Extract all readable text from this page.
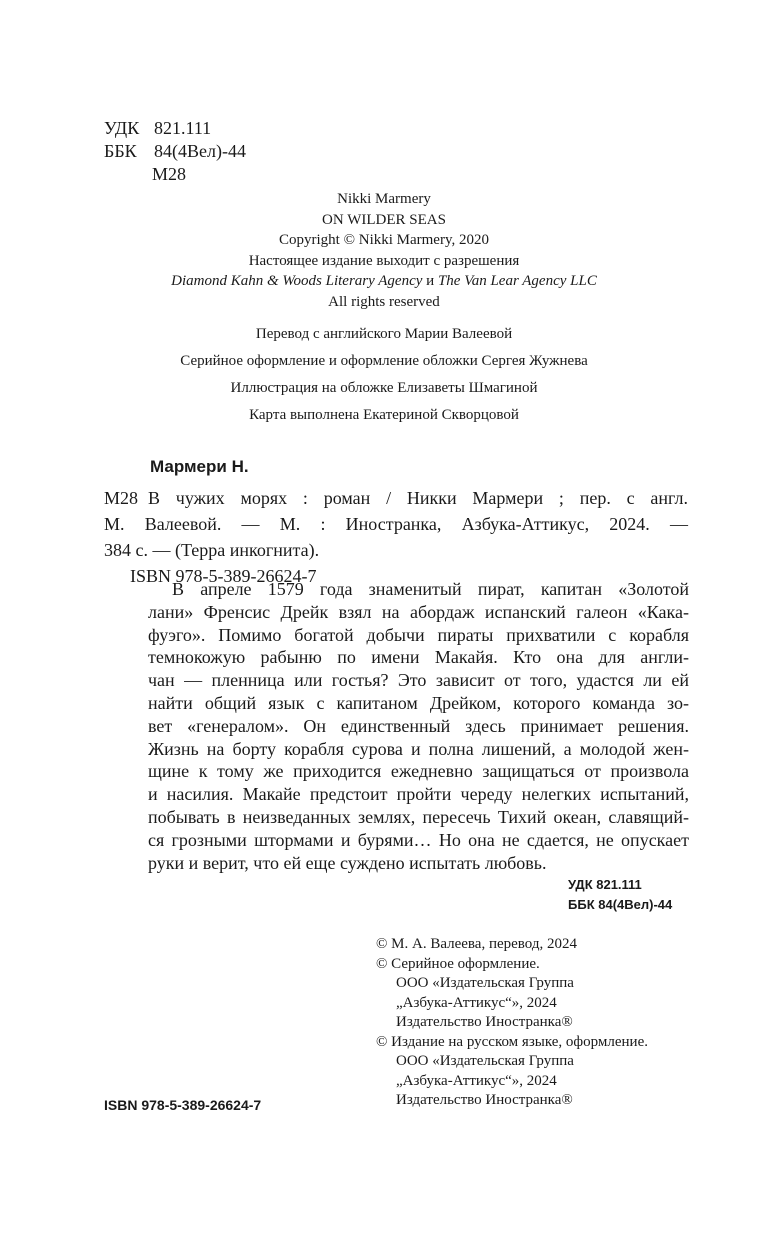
УДК 821.111
ББК 84(4Вел)-44
М28
Nikki Marmery
ON WILDER SEAS
Copyright © Nikki Marmery, 2020
Настоящее издание выходит с разрешения
Diamond Kahn & Woods Literary Agency и The Van Lear Agency LLC
All rights reserved
Перевод с английского Марии Валеевой
Серийное оформление и оформление обложки Сергея Жужнева
Иллюстрация на обложке Елизаветы Шмагиной
Карта выполнена Екатериной Скворцовой
Мармери Н.
М28 В чужих морях : роман / Никки Мармери ; пер. с англ.
М. Валеевой. — М. : Иностранка, Азбука-Аттикус, 2024. —
384 с. — (Терра инкогнита).
ISBN 978-5-389-26624-7
В апреле 1579 года знаменитый пират, капитан «Золотой
лани» Френсис Дрейк взял на абордаж испанский галеон «Кака-
фуэго». Помимо богатой добычи пираты прихватили с корабля
темнокожую рабыню по имени Макайя. Кто она для англи-
чан — пленница или гостья? Это зависит от того, удастся ли ей
найти общий язык с капитаном Дрейком, которого команда зо-
вет «генералом». Он единственный здесь принимает решения.
Жизнь на борту корабля сурова и полна лишений, а молодой жен-
щине к тому же приходится ежедневно защищаться от произвола
и насилия. Макайе предстоит пройти череду нелегких испытаний,
побывать в неизведанных землях, пересечь Тихий океан, славящий-
ся грозными штормами и бурями… Но она не сдается, не опускает
руки и верит, что ей еще суждено испытать любовь.
УДК 821.111
ББК 84(4Вел)-44
© М. А. Валеева, перевод, 2024
© Серийное оформление.
ООО «Издательская Группа
„Азбука-Аттикус“», 2024
Издательство Иностранка®
© Издание на русском языке, оформление.
ООО «Издательская Группа
„Азбука-Аттикус“», 2024
Издательство Иностранка®
ISBN 978-5-389-26624-7
